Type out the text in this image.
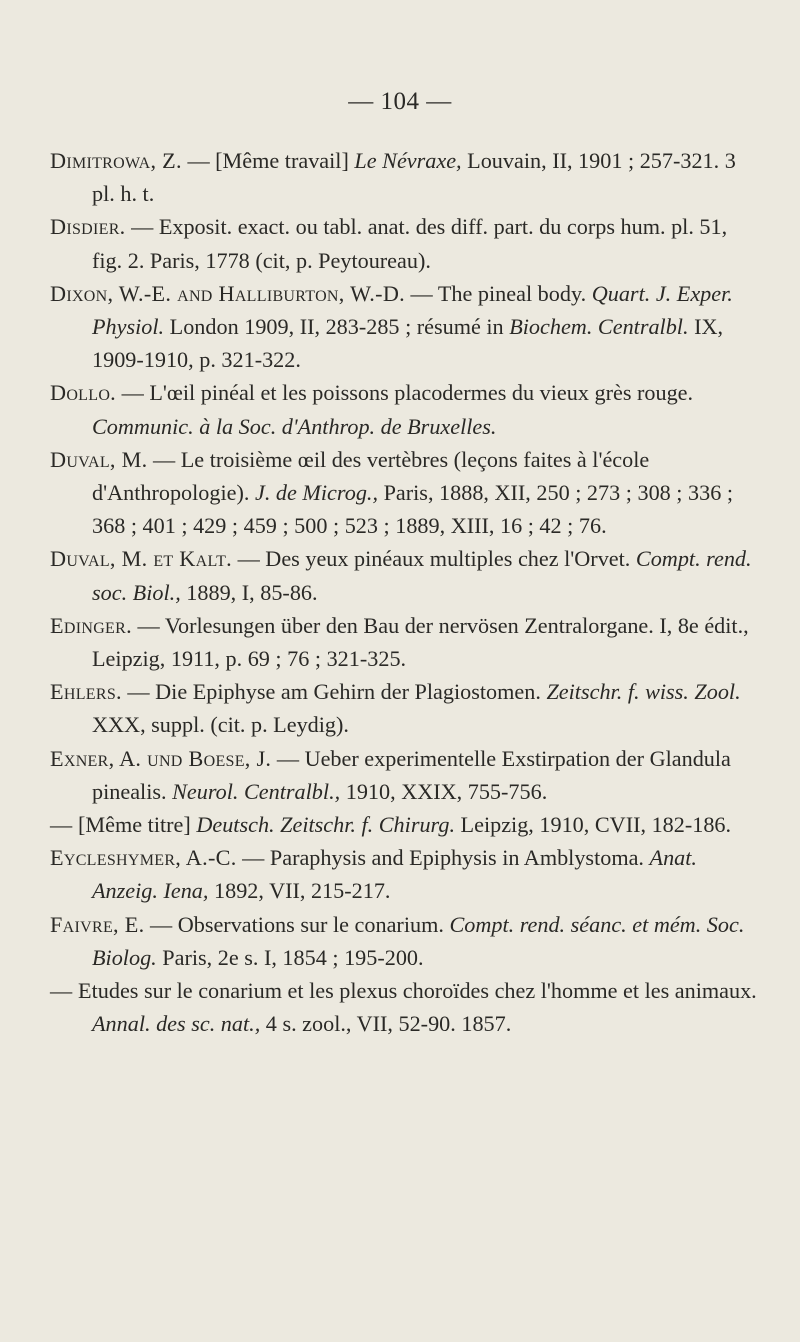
— 104 —
Dimitrowa, Z. — [Même travail] Le Névraxe, Louvain, II, 1901 ; 257-321. 3 pl. h. t.
Disdier. — Exposit. exact. ou tabl. anat. des diff. part. du corps hum. pl. 51, fig. 2. Paris, 1778 (cit, p. Peytoureau).
Dixon, W.-E. and Halliburton, W.-D. — The pineal body. Quart. J. Exper. Physiol. London 1909, II, 283-285 ; résumé in Biochem. Centralbl. IX, 1909-1910, p. 321-322.
Dollo. — L'œil pinéal et les poissons placodermes du vieux grès rouge. Communic. à la Soc. d'Anthrop. de Bruxelles.
Duval, M. — Le troisième œil des vertèbres (leçons faites à l'école d'Anthropologie). J. de Microg., Paris, 1888, XII, 250 ; 273 ; 308 ; 336 ; 368 ; 401 ; 429 ; 459 ; 500 ; 523 ; 1889, XIII, 16 ; 42 ; 76.
Duval, M. et Kalt. — Des yeux pinéaux multiples chez l'Orvet. Compt. rend. soc. Biol., 1889, I, 85-86.
Edinger. — Vorlesungen über den Bau der nervösen Zentralorgane. I, 8e édit., Leipzig, 1911, p. 69 ; 76 ; 321-325.
Ehlers. — Die Epiphyse am Gehirn der Plagiostomen. Zeitschr. f. wiss. Zool. XXX, suppl. (cit. p. Leydig).
Exner, A. und Boese, J. — Ueber experimentelle Exstirpation der Glandula pinealis. Neurol. Centralbl., 1910, XXIX, 755-756.
— [Même titre] Deutsch. Zeitschr. f. Chirurg. Leipzig, 1910, CVII, 182-186.
Eycleshymer, A.-C. — Paraphysis and Epiphysis in Amblystoma. Anat. Anzeig. Iena, 1892, VII, 215-217.
Faivre, E. — Observations sur le conarium. Compt. rend. séanc. et mém. Soc. Biolog. Paris, 2e s. I, 1854 ; 195-200.
— Etudes sur le conarium et les plexus choroïdes chez l'homme et les animaux. Annal. des sc. nat., 4 s. zool., VII, 52-90. 1857.
